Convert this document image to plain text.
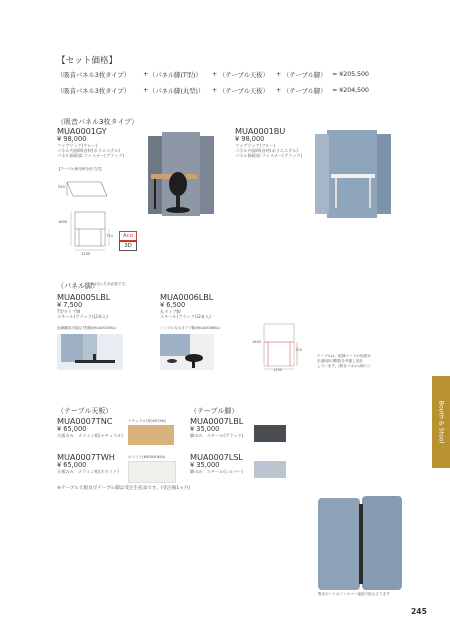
【セット価格】
（吸音パネル3枚タイプ） + （パネル脚(T型)） + （テーブル天板） + （テーブル脚） = ¥205,500
（吸音パネル3枚タイプ） + （パネル脚(丸型)） + （テーブル天板） + （テーブル脚） = ¥204,500
（吸音パネル3枚タイプ）
MUA0001GY
¥ 98,000
ファブリック(グレー)
パネル内部/吸音材(ポリエステル)
パネル接続部:ファスナー(ブラック)
MUA0001BU
¥ 98,000
ファブリック(ブルー)
パネル内部/吸音材(ポリエステル)
パネル接続部:ファスナー(ブラック)
【テーブル使用時全体寸法】
550
1600
720
1250
Aco
3D
（パネル脚）
※1台に右本必要です。
MUA0005LBL
¥ 7,500
T型タイプ脚
スチール(ブラック)(2本入)
直線構成可能なT型脚(MUA0005BL)
MUA0006LBL
¥ 6,500
丸タイプ脚
スチール(ブラック)(2本入)
シンプルな丸タイプ脚(MUA0006BL)
1600
720
1250
テーブルは、配線コードの処理対
応(脚部の開閉)を考慮し設計
しています。(吸音パネルは除く)
Booth & Stool
（テーブル天板）
MUA0007TNC
¥ 65,000
天板のみ　メラミン板(ナチュラル)
ナチュラル(TJ00074N)
MUA0007TWH
¥ 65,000
天板のみ　メラミン板(ホワイト)
ホワイト(KB0000K/N)
※テーブル天板及びテーブル脚は受注生産品です。(受注後1ヵ月)
（テーブル脚）
MUA0007LBL
¥ 35,000
脚のみ　スチール(ブラック)
MUA0007LSL
¥ 35,000
脚のみ　スチール(シルバー)
吸音ボードはファスナー接続で組み立てます
245
